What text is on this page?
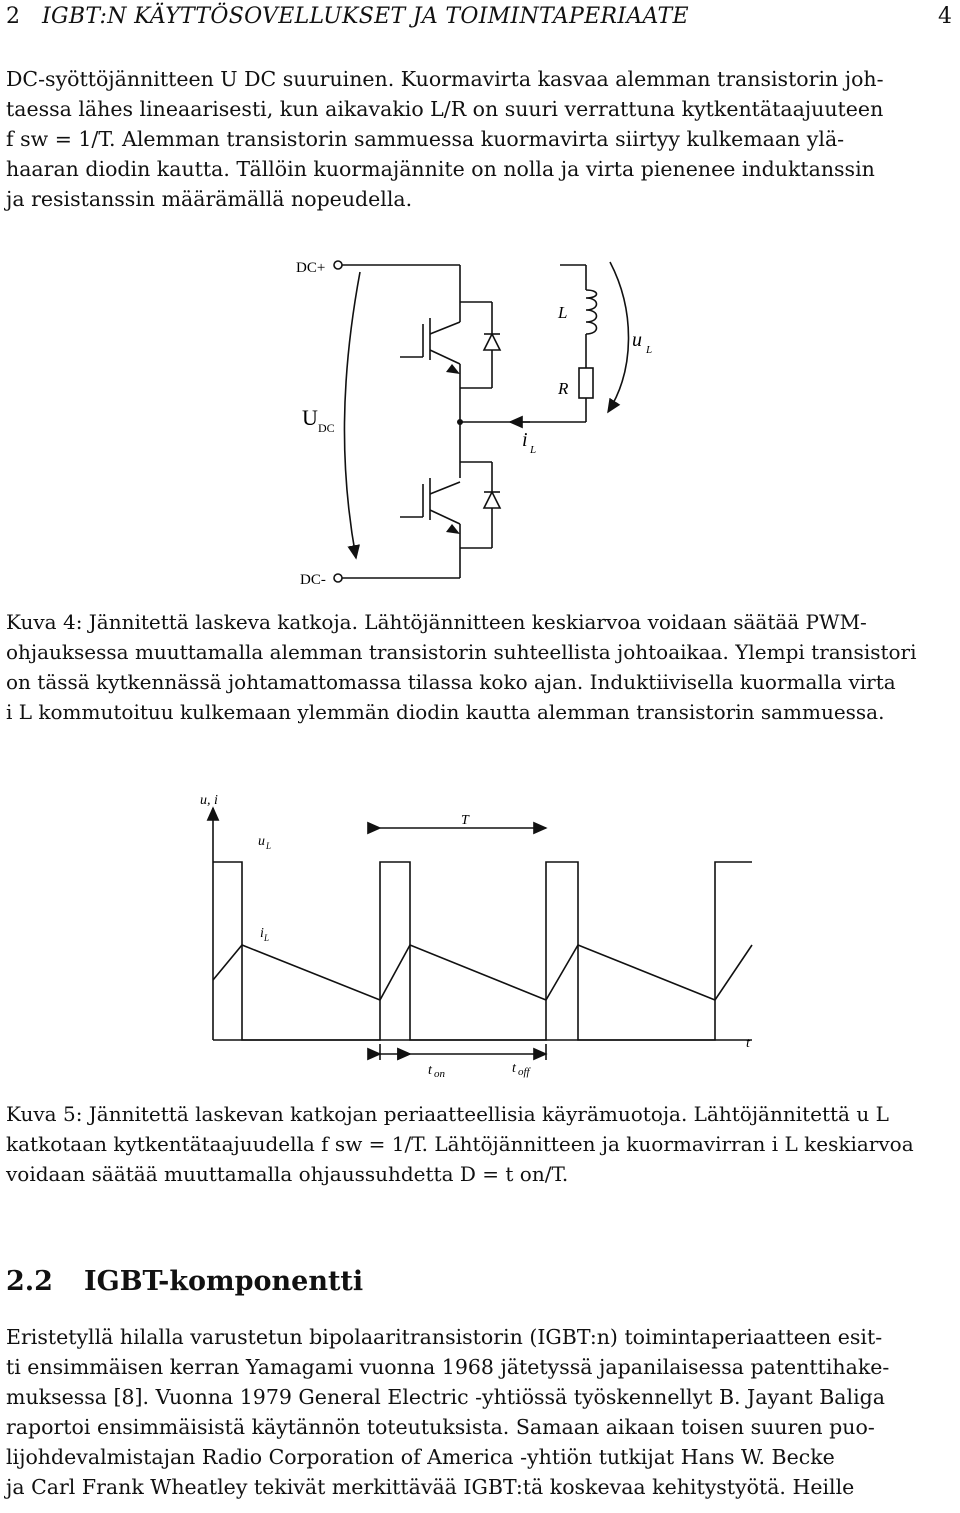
2 IGBT:N KÄYTTÖSOVELLUKSET JA TOIMINTAPERIAATE	4

DC-syöttöjännitteen U DC suuruinen. Kuormavirta kasvaa alemman transistorin joh-

taessa lähes lineaarisesti, kun aikavakio L/R on suuri verrattuna kytkentätaajuuteen

f sw = 1/T. Alemman transistorin sammuessa kuormavirta siirtyy kulkemaan ylä-

haaran diodin kautta. Tällöin kuormajännite on nolla ja virta pienenee induktanssin

ja resistanssin määrämällä nopeudella.

DC+
DC-
U DC
L
R
u L
i L

Kuva 4: Jännitettä laskeva katkoja. Lähtöjännitteen keskiarvoa voidaan säätää PWM-

ohjauksessa muuttamalla alemman transistorin suhteellista johtoaikaa. Ylempi transistori

on tässä kytkennässä johtamattomassa tilassa koko ajan. Induktiivisella kuormalla virta

i L kommutoituu kulkemaan ylemmän diodin kautta alemman transistorin sammuessa.

u, i
u L
T
i L
t
t on	t off

Kuva 5: Jännitettä laskevan katkojan periaatteellisia käyrämuotoja. Lähtöjännitettä u L

katkotaan kytkentätaajuudella f sw = 1/T. Lähtöjännitteen ja kuormavirran i L keskiarvoa

voidaan säätää muuttamalla ohjaussuhdetta D = t on/T.

2.2 IGBT-komponentti

Eristetyllä hilalla varustetun bipolaaritransistorin (IGBT:n) toimintaperiaatteen esit-

ti ensimmäisen kerran Yamagami vuonna 1968 jätetyssä japanilaisessa patenttihake-

muksessa [8]. Vuonna 1979 General Electric -yhtiössä työskennellyt B. Jayant Baliga

raportoi ensimmäisistä käytännön toteutuksista. Samaan aikaan toisen suuren puo-

lijohdevalmistajan Radio Corporation of America -yhtiön tutkijat Hans W. Becke

ja Carl Frank Wheatley tekivät merkittävää IGBT:tä koskevaa kehitystyötä. Heille
